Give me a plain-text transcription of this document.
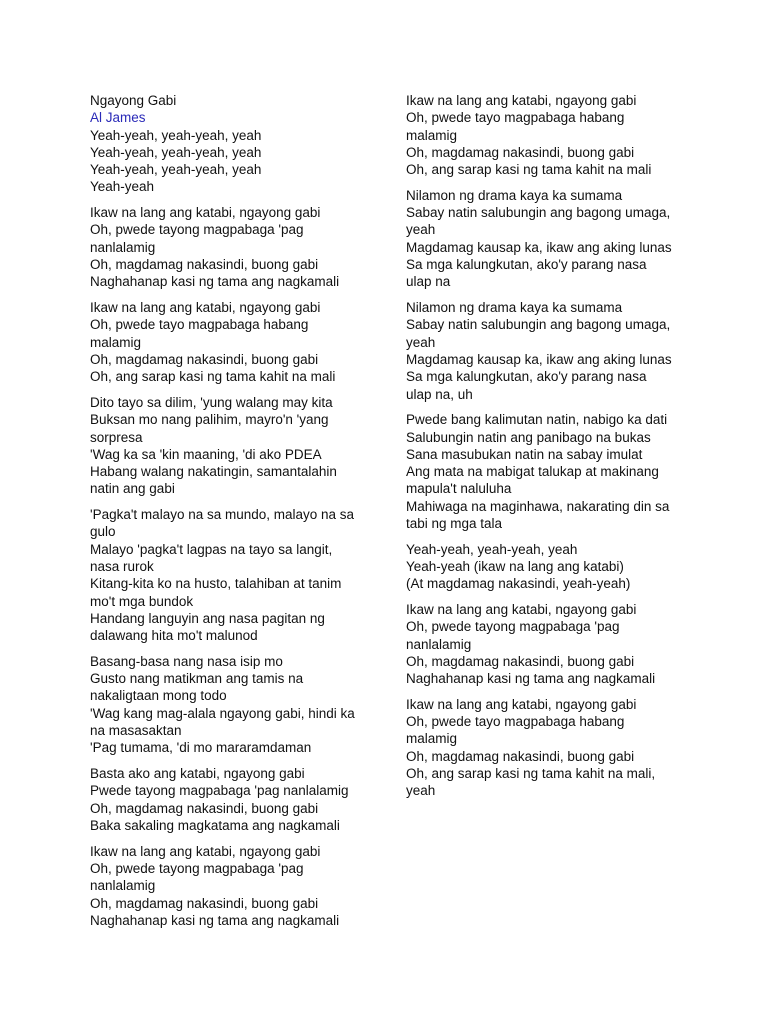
Ngayong Gabi
Al James
Yeah-yeah, yeah-yeah, yeah
Yeah-yeah, yeah-yeah, yeah
Yeah-yeah, yeah-yeah, yeah
Yeah-yeah
Ikaw na lang ang katabi, ngayong gabi
Oh, pwede tayong magpabaga 'pag
nanlalamig
Oh, magdamag nakasindi, buong gabi
Naghahanap kasi ng tama ang nagkamali
Ikaw na lang ang katabi, ngayong gabi
Oh, pwede tayo magpabaga habang
malamig
Oh, magdamag nakasindi, buong gabi
Oh, ang sarap kasi ng tama kahit na mali
Dito tayo sa dilim, 'yung walang may kita
Buksan mo nang palihim, mayro'n 'yang
sorpresa
'Wag ka sa 'kin maaning, 'di ako PDEA
Habang walang nakatingin, samantalahin
natin ang gabi
'Pagka't malayo na sa mundo, malayo na sa
gulo
Malayo 'pagka't lagpas na tayo sa langit,
nasa rurok
Kitang-kita ko na husto, talahiban at tanim
mo't mga bundok
Handang languyin ang nasa pagitan ng
dalawang hita mo't malunod
Basang-basa nang nasa isip mo
Gusto nang matikman ang tamis na
nakaligtaan mong todo
'Wag kang mag-alala ngayong gabi, hindi ka
na masasaktan
'Pag tumama, 'di mo mararamdaman
Basta ako ang katabi, ngayong gabi
Pwede tayong magpabaga 'pag nanlalamig
Oh, magdamag nakasindi, buong gabi
Baka sakaling magkatama ang nagkamali
Ikaw na lang ang katabi, ngayong gabi
Oh, pwede tayong magpabaga 'pag
nanlalamig
Oh, magdamag nakasindi, buong gabi
Naghahanap kasi ng tama ang nagkamali
Ikaw na lang ang katabi, ngayong gabi
Oh, pwede tayo magpabaga habang
malamig
Oh, magdamag nakasindi, buong gabi
Oh, ang sarap kasi ng tama kahit na mali
Nilamon ng drama kaya ka sumama
Sabay natin salubungin ang bagong umaga,
yeah
Magdamag kausap ka, ikaw ang aking lunas
Sa mga kalungkutan, ako'y parang nasa
ulap na
Nilamon ng drama kaya ka sumama
Sabay natin salubungin ang bagong umaga,
yeah
Magdamag kausap ka, ikaw ang aking lunas
Sa mga kalungkutan, ako'y parang nasa
ulap na, uh
Pwede bang kalimutan natin, nabigo ka dati
Salubungin natin ang panibago na bukas
Sana masubukan natin na sabay imulat
Ang mata na mabigat talukap at makinang
mapula't naluluha
Mahiwaga na maginhawa, nakarating din sa
tabi ng mga tala
Yeah-yeah, yeah-yeah, yeah
Yeah-yeah (ikaw na lang ang katabi)
(At magdamag nakasindi, yeah-yeah)
Ikaw na lang ang katabi, ngayong gabi
Oh, pwede tayong magpabaga 'pag
nanlalamig
Oh, magdamag nakasindi, buong gabi
Naghahanap kasi ng tama ang nagkamali
Ikaw na lang ang katabi, ngayong gabi
Oh, pwede tayo magpabaga habang
malamig
Oh, magdamag nakasindi, buong gabi
Oh, ang sarap kasi ng tama kahit na mali,
yeah
